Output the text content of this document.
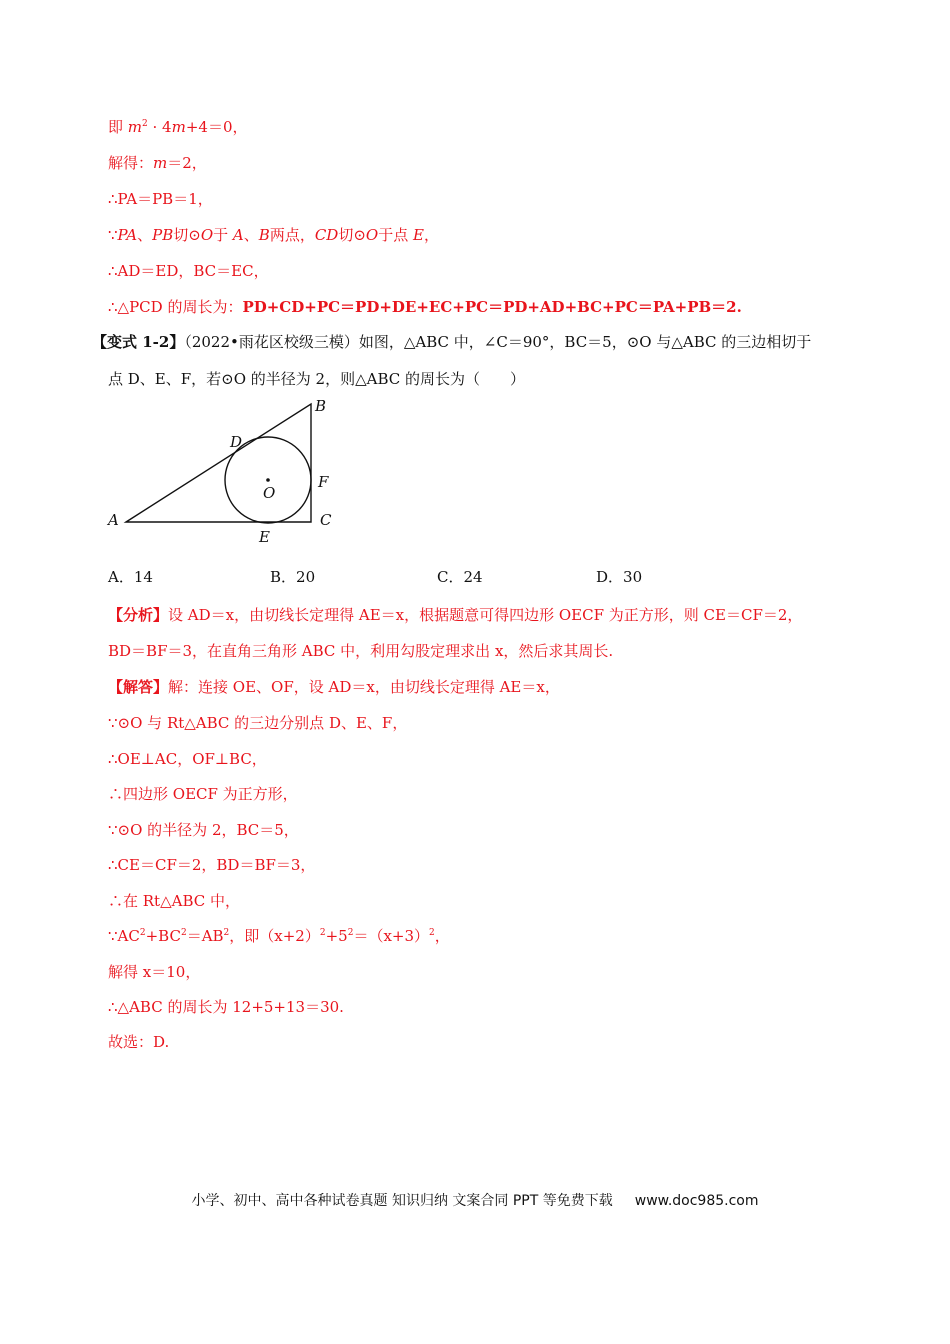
即 $m^2 \cdot 4m+4=0$，
解得：m＝2，
∴PA＝PB＝1，
∵PA、PB切⊙O于 A、B两点，CD切⊙O于点 E，
∴AD＝ED，BC＝EC，
∴△PCD 的周长为：PD+CD+PC＝PD+DE+EC+PC＝PD+AD+BC+PC＝PA+PB＝2.
【变式 1-2】（2022•雨花区校级三模）如图，△ABC 中，∠C＝90°，BC＝5，⊙O 与△ABC 的三边相切于
点 D、E、F，若⊙O 的半径为 2，则△ABC 的周长为（　　）
A
B
C
D
E
F
O
A．14	B．20	C．24	D．30
【分析】设 AD＝x，由切线长定理得 AE＝x，根据题意可得四边形 OECF 为正方形，则 CE＝CF＝2，
BD＝BF＝3，在直角三角形 ABC 中，利用勾股定理求出 x，然后求其周长.
【解答】解：连接 OE、OF，设 AD＝x，由切线长定理得 AE＝x，
∵⊙O 与 Rt△ABC 的三边分别点 D、E、F，
∴OE⊥AC，OF⊥BC，
∴四边形 OECF 为正方形，
∵⊙O 的半径为 2，BC＝5，
∴CE＝CF＝2，BD＝BF＝3，
∴在 Rt△ABC 中，
$\because AC^2+BC^2=AB^2$，即$(x+2)^2+5^2=(x+3)^2$，
解得 x＝10，
∴△ABC 的周长为 12+5+13＝30.
故选：D.
小学、初中、高中各种试卷真题 知识归纳 文案合同 PPT 等免费下载 www.doc985.com
